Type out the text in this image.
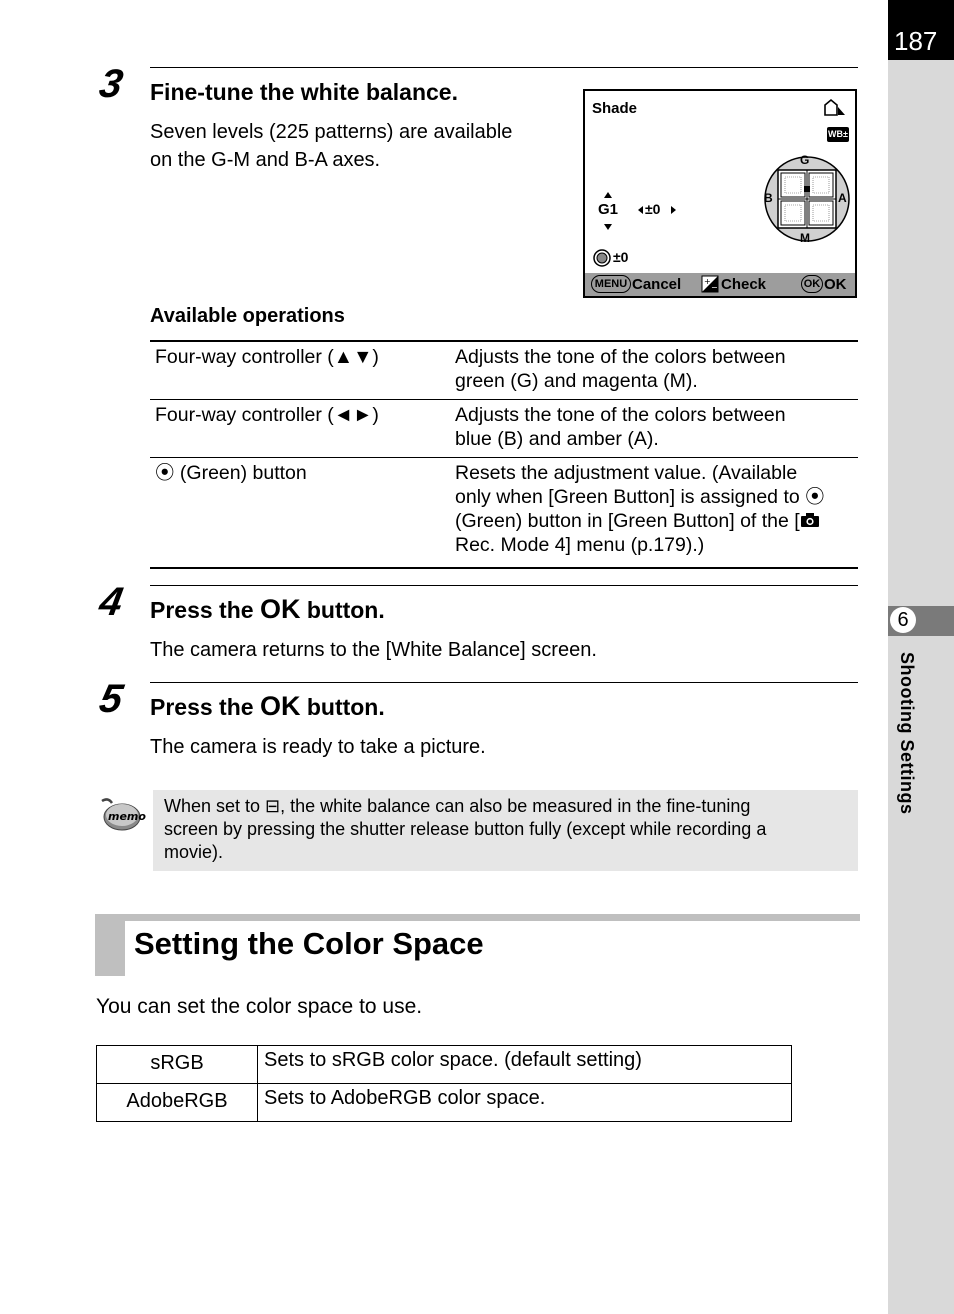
187
6
Shooting Settings
3 Fine-tune the white balance.
Seven levels (225 patterns) are available
on the G-M and B-A axes.
Shade
WB±
G1 ±0
G
M
B	A
±0
MENU Cancel	+
− Check	OK OK
Available operations
Four-way controller (▲▼)	Adjusts the tone of the colors between
green (G) and magenta (M).

Four-way controller (◄►)	Adjusts the tone of the colors between
blue (B) and amber (A).

⦿ (Green) button	Resets the adjustment value. (Available
only when [Green Button] is assigned to ⦿
(Green) button in [Green Button] of the [
Rec. Mode 4] menu (p.179).)
4 Press the OK button.
The camera returns to the [White Balance] screen.
5 Press the OK button.
The camera is ready to take a picture.
memo
When set to ⊟, the white balance can also be measured in the fine-tuning
screen by pressing the shutter release button fully (except while recording a
movie).
Setting the Color Space
You can set the color space to use.
sRGB	Sets to sRGB color space. (default setting)
AdobeRGB	Sets to AdobeRGB color space.
